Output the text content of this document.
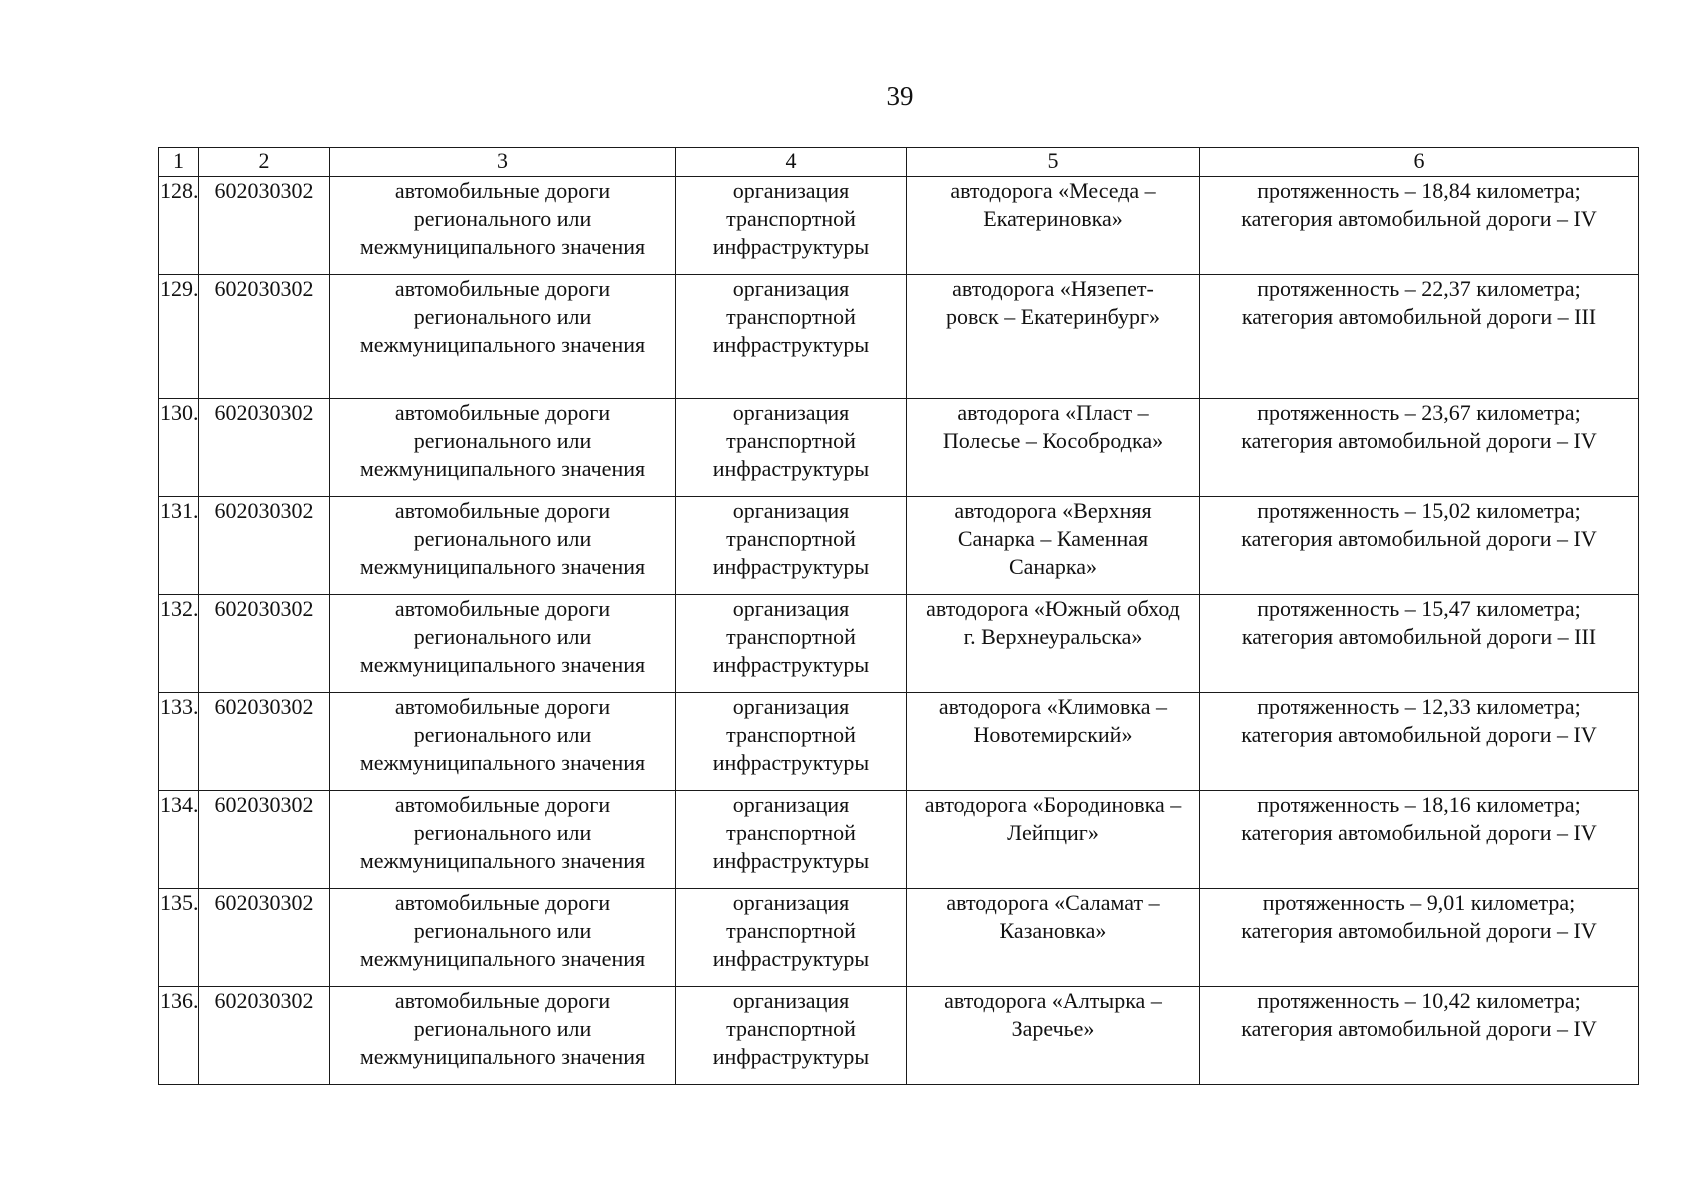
39
1	2	3	4	5	6
128.	602030302	автомобильные дороги
регионального или
межмуниципального значения	организация
транспортной
инфраструктуры	автодорога «Меседа –
Екатериновка»	протяженность – 18,84 километра;
категория автомобильной дороги – IV

129.	602030302	автомобильные дороги
регионального или
межмуниципального значения	организация
транспортной
инфраструктуры	автодорога «Нязепет-
ровск – Екатеринбург»	протяженность – 22,37 километра;
категория автомобильной дороги – III

130.	602030302	автомобильные дороги
регионального или
межмуниципального значения	организация
транспортной
инфраструктуры	автодорога «Пласт –
Полесье – Кособродка»	протяженность – 23,67 километра;
категория автомобильной дороги – IV

131.	602030302	автомобильные дороги
регионального или
межмуниципального значения	организация
транспортной
инфраструктуры	автодорога «Верхняя
Санарка – Каменная
Санарка»	протяженность – 15,02 километра;
категория автомобильной дороги – IV

132.	602030302	автомобильные дороги
регионального или
межмуниципального значения	организация
транспортной
инфраструктуры	автодорога «Южный обход
г. Верхнеуральска»	протяженность – 15,47 километра;
категория автомобильной дороги – III

133.	602030302	автомобильные дороги
регионального или
межмуниципального значения	организация
транспортной
инфраструктуры	автодорога «Климовка –
Новотемирский»	протяженность – 12,33 километра;
категория автомобильной дороги – IV

134.	602030302	автомобильные дороги
регионального или
межмуниципального значения	организация
транспортной
инфраструктуры	автодорога «Бородиновка –
Лейпциг»	протяженность – 18,16 километра;
категория автомобильной дороги – IV

135.	602030302	автомобильные дороги
регионального или
межмуниципального значения	организация
транспортной
инфраструктуры	автодорога «Саламат –
Казановка»	протяженность – 9,01 километра;
категория автомобильной дороги – IV

136.	602030302	автомобильные дороги
регионального или
межмуниципального значения	организация
транспортной
инфраструктуры	автодорога «Алтырка –
Заречье»	протяженность – 10,42 километра;
категория автомобильной дороги – IV
